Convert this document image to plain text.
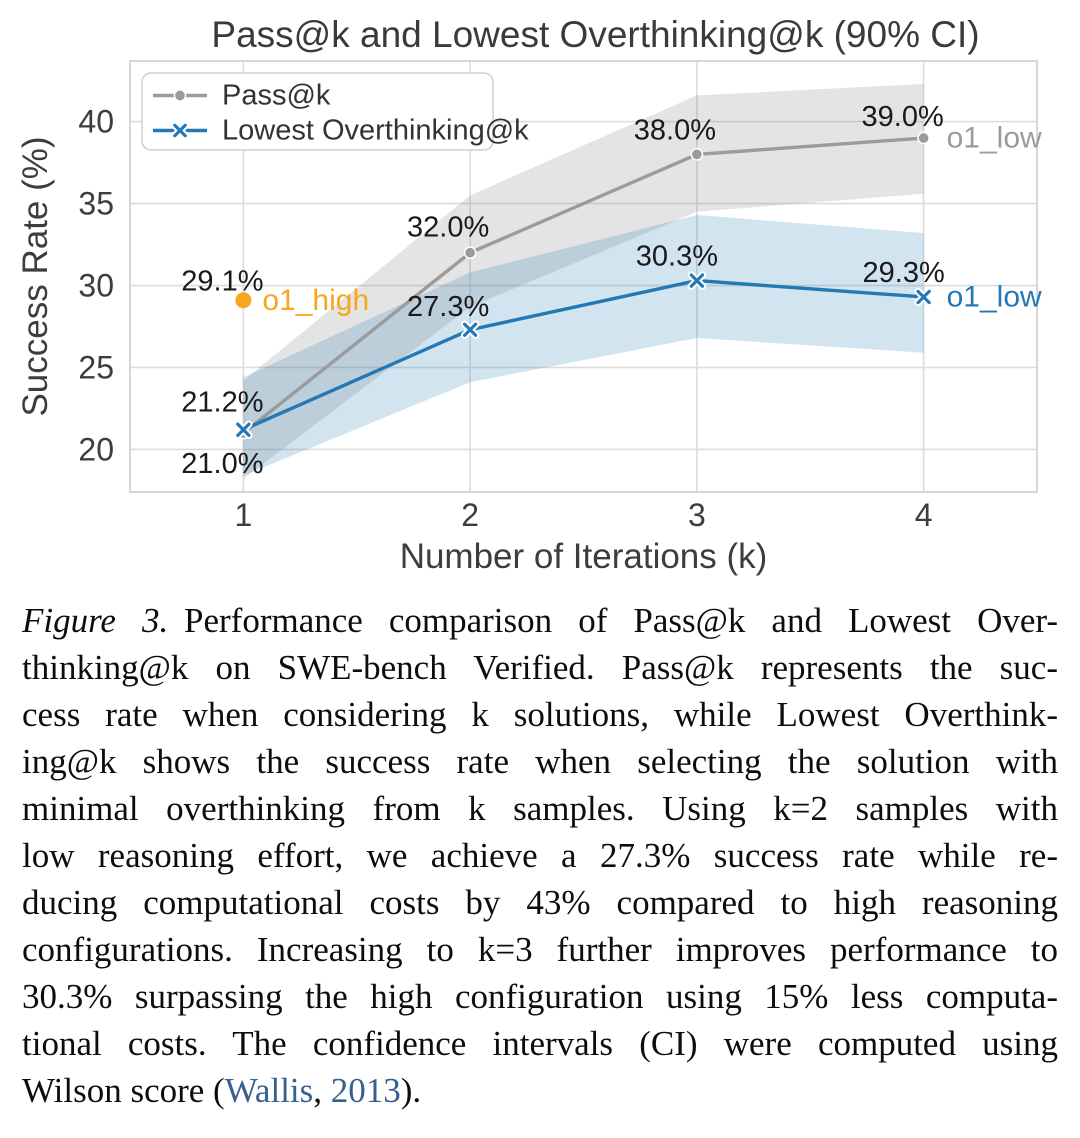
o1_high
29.1%
21.0%
32.0%
38.0%	39.0%
o1_low
21.2%
27.3%
30.3%
29.3%
o1_low
20
25
30
35
40
1	2	3	4
Number of Iterations (k)
Success Rate (%)
Pass@k and Lowest Overthinking@k (90% CI)
Pass@k
Lowest Overthinking@k
Figure 3. Performance comparison of Pass@k and Lowest Over-
thinking@k on SWE-bench Verified. Pass@k represents the suc-
cess rate when considering k solutions, while Lowest Overthink-
ing@k shows the success rate when selecting the solution with
minimal overthinking from k samples. Using k=2 samples with
low reasoning effort, we achieve a 27.3% success rate while re-
ducing computational costs by 43% compared to high reasoning
configurations. Increasing to k=3 further improves performance to
30.3% surpassing the high configuration using 15% less computa-
tional costs. The confidence intervals (CI) were computed using
Wilson score (Wallis, 2013).
